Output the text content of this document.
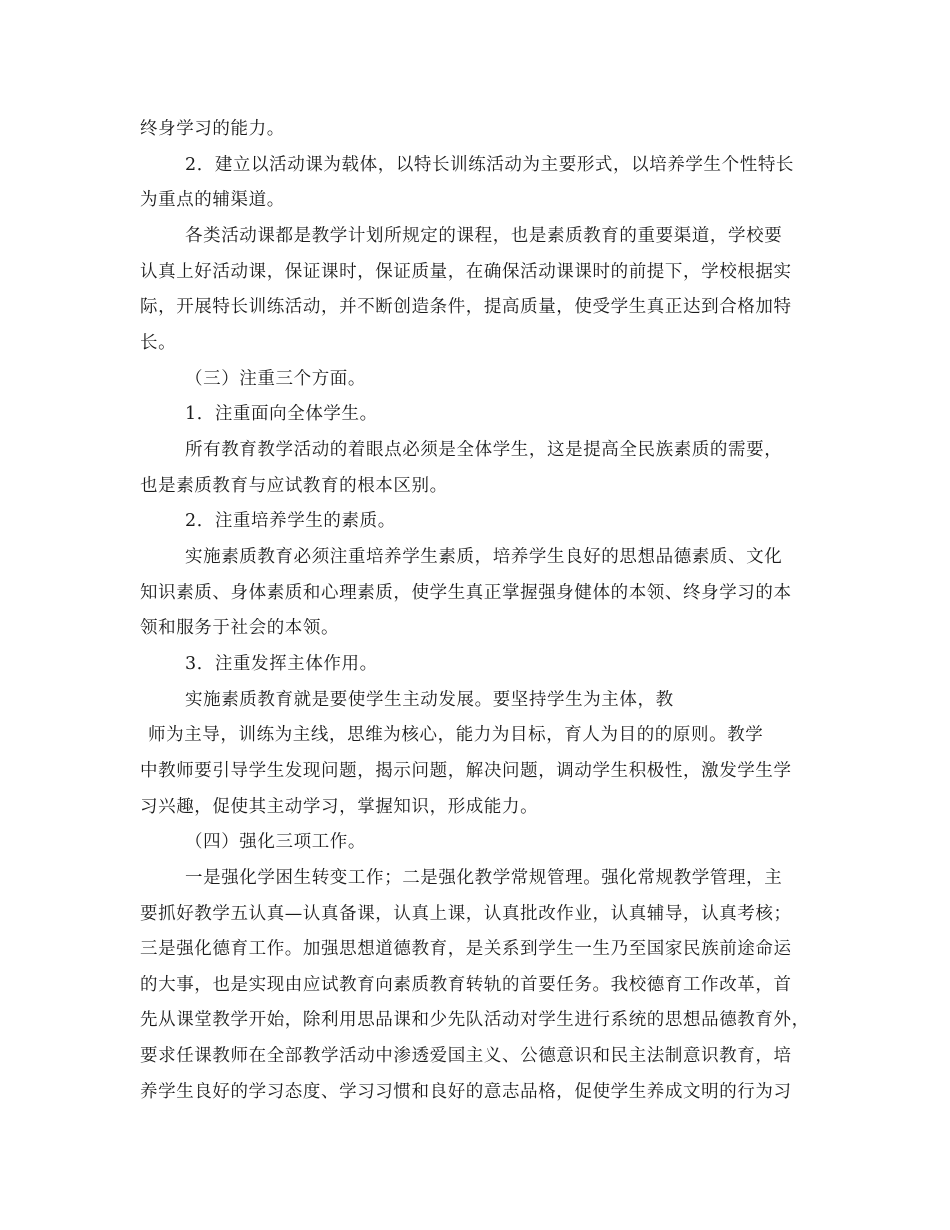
终身学习的能力。
2．建立以活动课为载体，以特长训练活动为主要形式，以培养学生个性特长
为重点的辅渠道。
各类活动课都是教学计划所规定的课程，也是素质教育的重要渠道，学校要
认真上好活动课，保证课时，保证质量，在确保活动课课时的前提下，学校根据实
际，开展特长训练活动，并不断创造条件，提高质量，使受学生真正达到合格加特
长。
（三）注重三个方面。
1．注重面向全体学生。
所有教育教学活动的着眼点必须是全体学生，这是提高全民族素质的需要，
也是素质教育与应试教育的根本区别。
2．注重培养学生的素质。
实施素质教育必须注重培养学生素质，培养学生良好的思想品德素质、文化
知识素质、身体素质和心理素质，使学生真正掌握强身健体的本领、终身学习的本
领和服务于社会的本领。
3．注重发挥主体作用。
实施素质教育就是要使学生主动发展。要坚持学生为主体，教
师为主导，训练为主线，思维为核心，能力为目标，育人为目的的原则。教学
中教师要引导学生发现问题，揭示问题，解决问题，调动学生积极性，激发学生学
习兴趣，促使其主动学习，掌握知识，形成能力。
（四）强化三项工作。
一是强化学困生转变工作；二是强化教学常规管理。强化常规教学管理，主
要抓好教学五认真—认真备课，认真上课，认真批改作业，认真辅导，认真考核；
三是强化德育工作。加强思想道德教育，是关系到学生一生乃至国家民族前途命运
的大事，也是实现由应试教育向素质教育转轨的首要任务。我校德育工作改革，首
先从课堂教学开始，除利用思品课和少先队活动对学生进行系统的思想品德教育外，
要求任课教师在全部教学活动中渗透爱国主义、公德意识和民主法制意识教育，培
养学生良好的学习态度、学习习惯和良好的意志品格，促使学生养成文明的行为习
